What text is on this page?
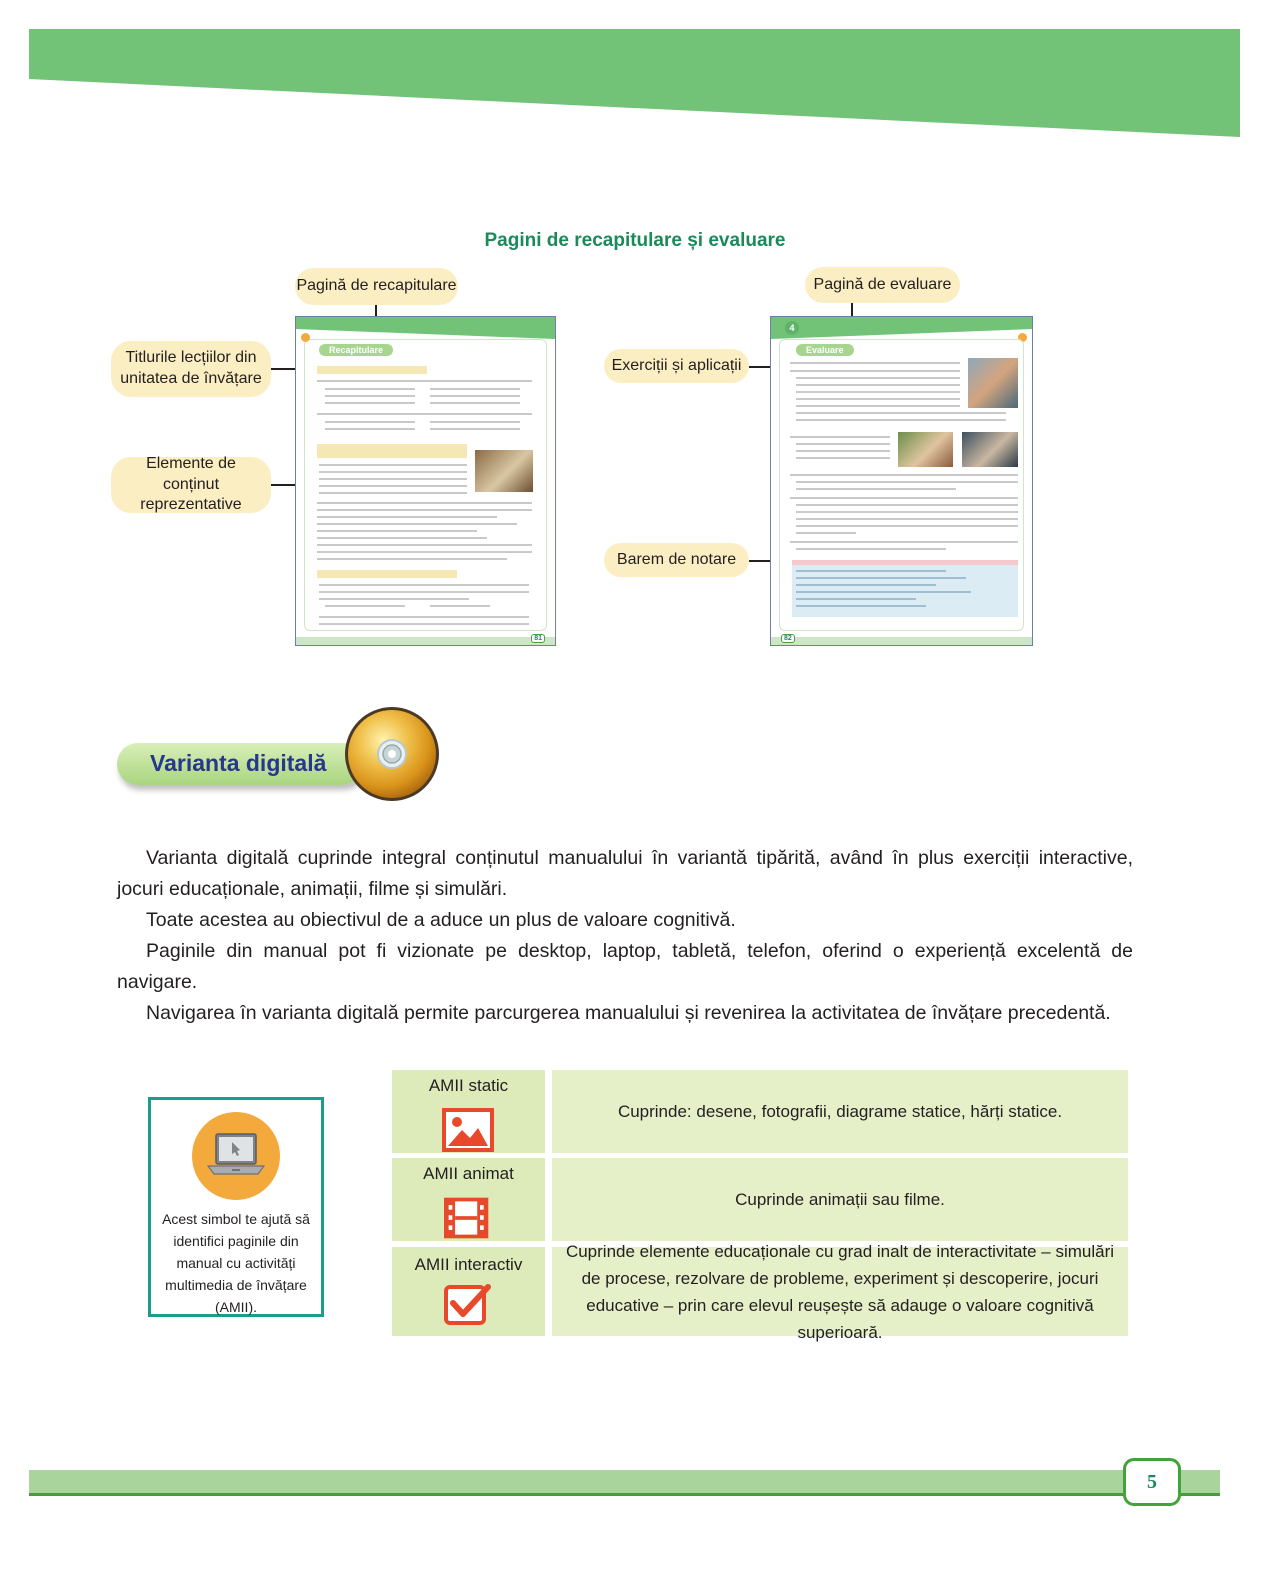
Pagini de recapitulare și evaluare
Pagină de recapitulare
Titlurile lecțiilor din unitatea de învățare
Elemente de conținut reprezentative
Recapitulare
81
Pagină de evaluare
Exerciții și aplicații
Barem de notare
4
Evaluare
82
Varianta digitală

Varianta digitală cuprinde integral conținutul manualului în variantă tipărită, având în plus exerciții interactive, jocuri educaționale, animații, filme și simulări.

Toate acestea au obiectivul de a aduce un plus de valoare cognitivă.

Paginile din manual pot fi vizionate pe desktop, laptop, tabletă, telefon, oferind o experiență excelentă de navigare.

Navigarea în varianta digitală permite parcurgerea manualului și revenirea la activitatea de învățare precedentă.

Acest simbol te ajută să identifici paginile din manual cu activități multimedia de învățare (AMII).
AMII static
Cuprinde: desene, fotografii, diagrame statice, hărți statice.
AMII animat
Cuprinde animații sau filme.
AMII interactiv
Cuprinde elemente educaționale cu grad inalt de interactivitate – simulări de procese, rezolvare de probleme, experiment și descoperire, jocuri educative – prin care elevul reușește să adauge o valoare cognitivă superioară.
5
